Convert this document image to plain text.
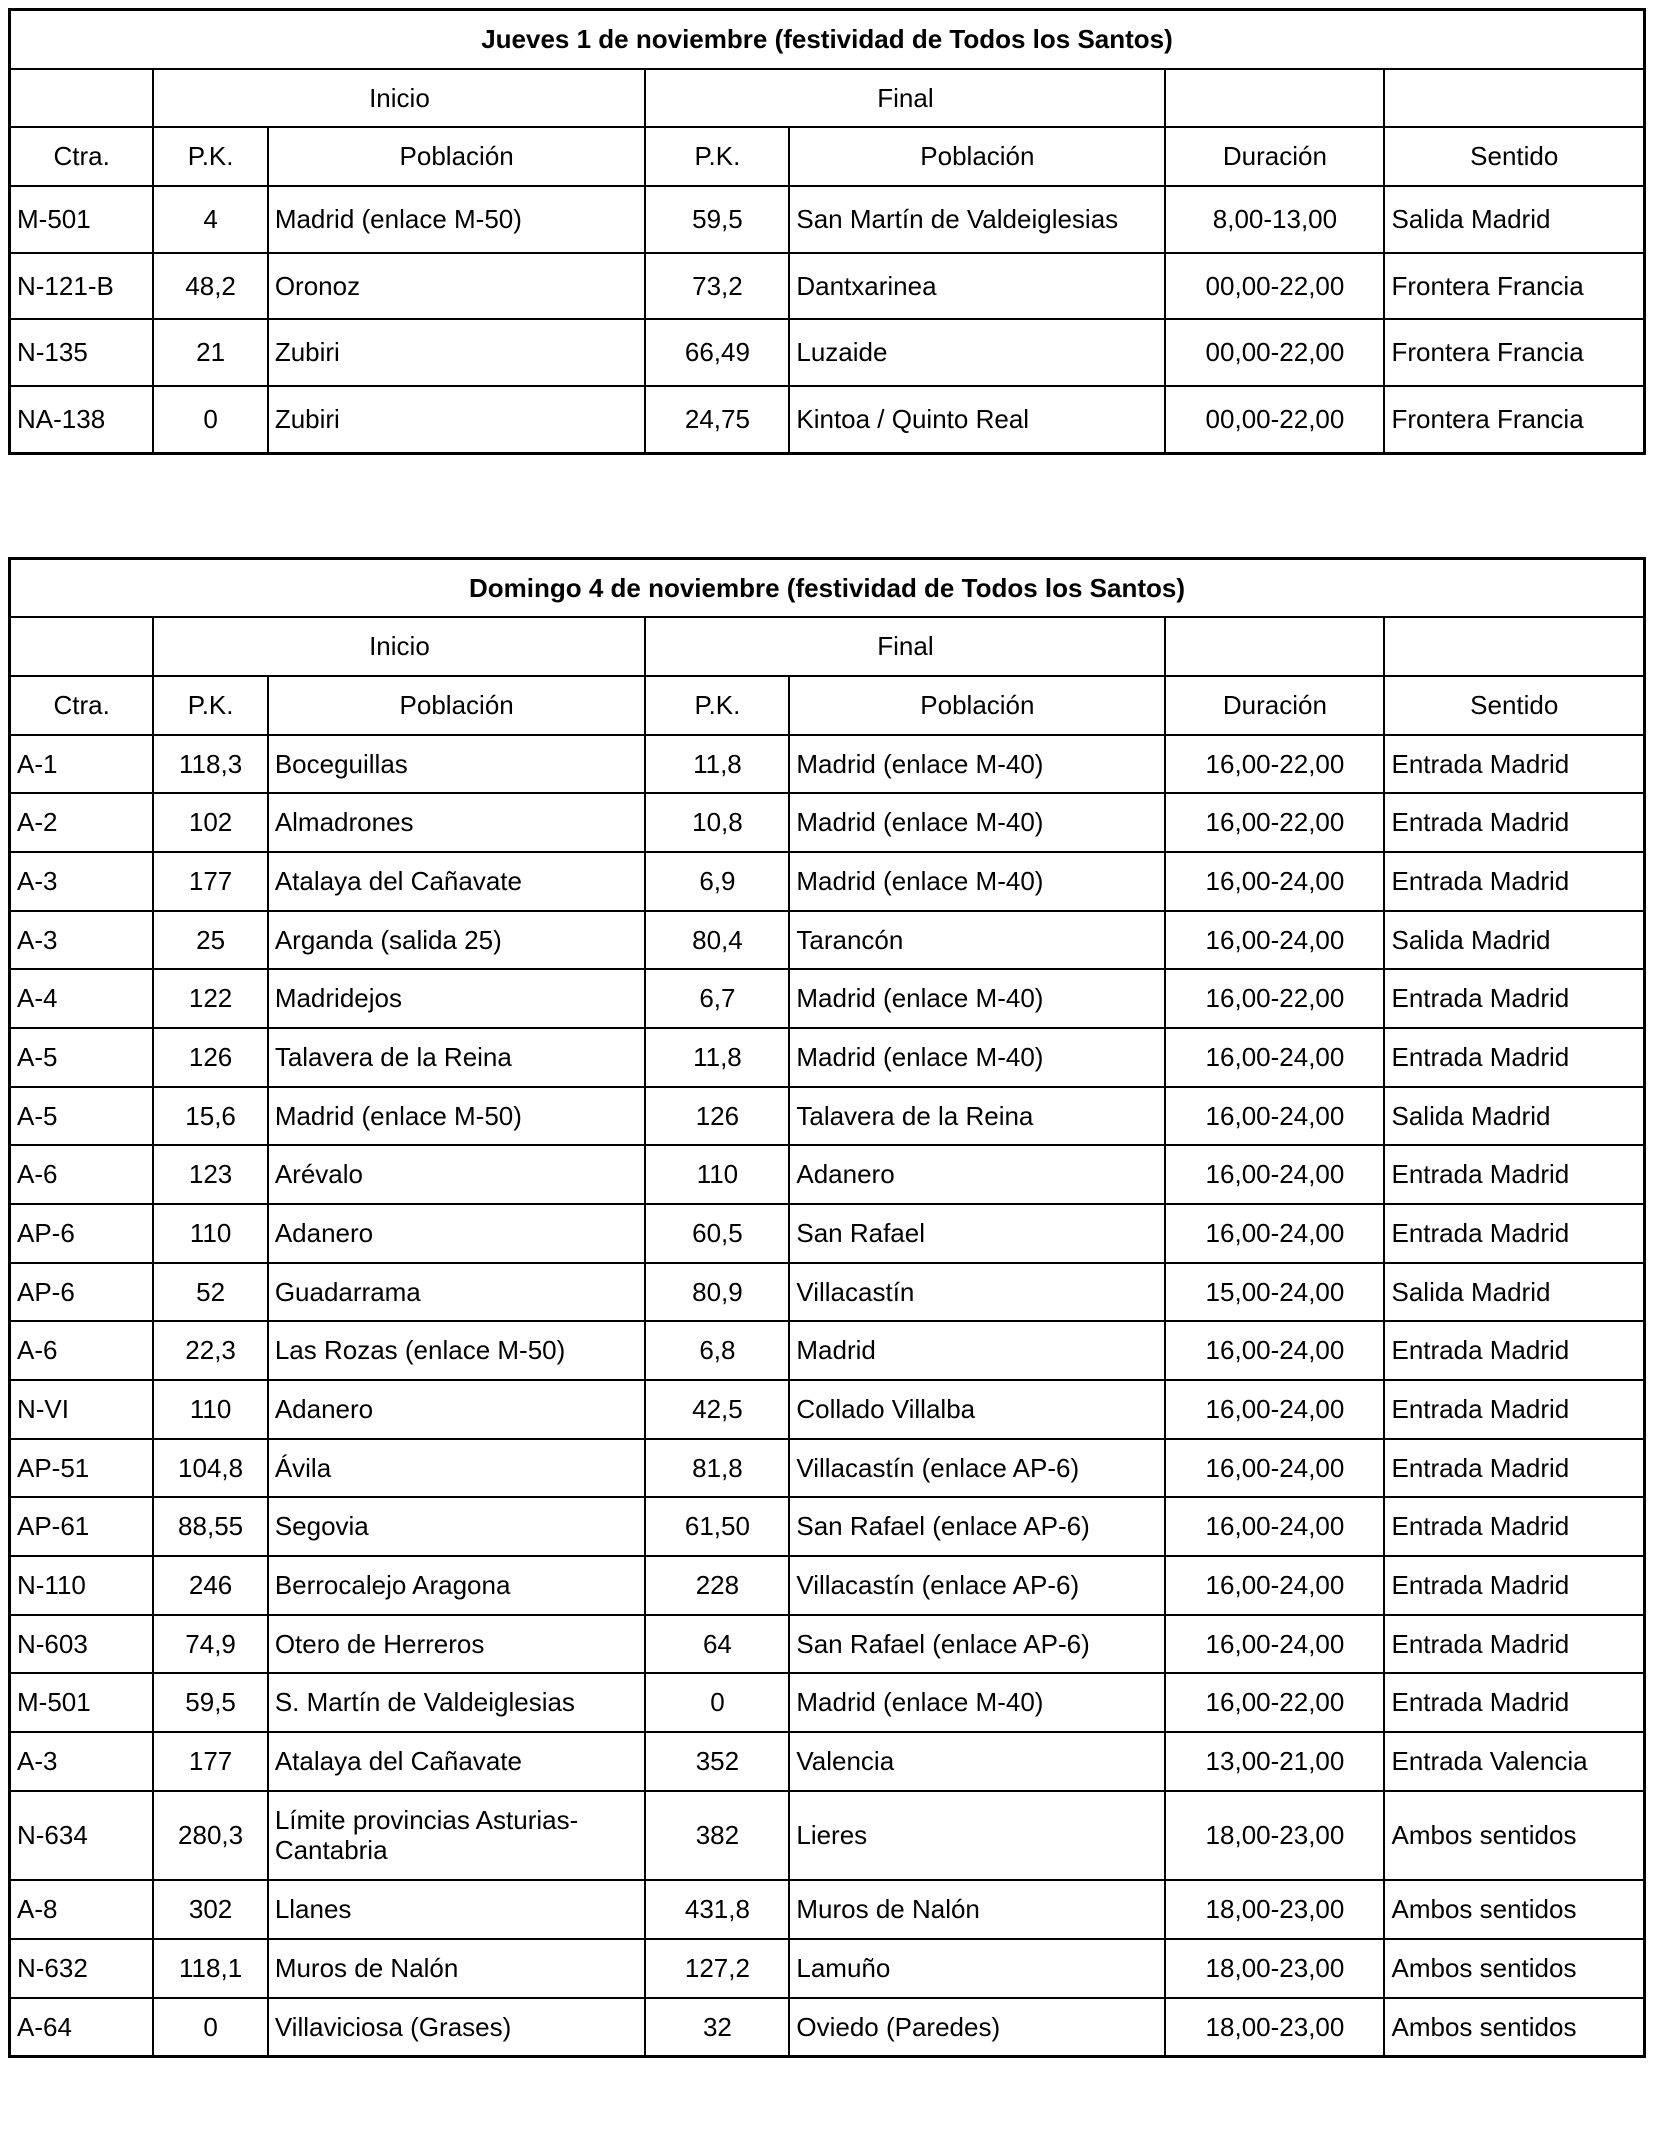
Jueves 1 de noviembre (festividad de Todos los Santos)						
	Inicio		Final			
Ctra.	P.K.	Población	P.K.	Población	Duración	Sentido
M-501	4	Madrid (enlace M-50)	59,5	San Martín de Valdeiglesias	8,00-13,00	Salida Madrid
N-121-B	48,2	Oronoz	73,2	Dantxarinea	00,00-22,00	Frontera Francia
N-135	21	Zubiri	66,49	Luzaide	00,00-22,00	Frontera Francia
NA-138	0	Zubiri	24,75	Kintoa / Quinto Real	00,00-22,00	Frontera Francia
Domingo 4 de noviembre (festividad de Todos los Santos)						
	Inicio		Final			
Ctra.	P.K.	Población	P.K.	Población	Duración	Sentido
A-1	118,3	Boceguillas	11,8	Madrid (enlace M-40)	16,00-22,00	Entrada Madrid
A-2	102	Almadrones	10,8	Madrid (enlace M-40)	16,00-22,00	Entrada Madrid
A-3	177	Atalaya del Cañavate	6,9	Madrid (enlace M-40)	16,00-24,00	Entrada Madrid
A-3	25	Arganda (salida 25)	80,4	Tarancón	16,00-24,00	Salida Madrid
A-4	122	Madridejos	6,7	Madrid (enlace M-40)	16,00-22,00	Entrada Madrid
A-5	126	Talavera de la Reina	11,8	Madrid (enlace M-40)	16,00-24,00	Entrada Madrid
A-5	15,6	Madrid (enlace M-50)	126	Talavera de la Reina	16,00-24,00	Salida Madrid
A-6	123	Arévalo	110	Adanero	16,00-24,00	Entrada Madrid
AP-6	110	Adanero	60,5	San Rafael	16,00-24,00	Entrada Madrid
AP-6	52	Guadarrama	80,9	Villacastín	15,00-24,00	Salida Madrid
A-6	22,3	Las Rozas (enlace M-50)	6,8	Madrid	16,00-24,00	Entrada Madrid
N-VI	110	Adanero	42,5	Collado Villalba	16,00-24,00	Entrada Madrid
AP-51	104,8	Ávila	81,8	Villacastín (enlace AP-6)	16,00-24,00	Entrada Madrid
AP-61	88,55	Segovia	61,50	San Rafael (enlace AP-6)	16,00-24,00	Entrada Madrid
N-110	246	Berrocalejo Aragona	228	Villacastín (enlace AP-6)	16,00-24,00	Entrada Madrid
N-603	74,9	Otero de Herreros	64	San Rafael (enlace AP-6)	16,00-24,00	Entrada Madrid
M-501	59,5	S. Martín de Valdeiglesias	0	Madrid (enlace M-40)	16,00-22,00	Entrada Madrid
A-3	177	Atalaya del Cañavate	352	Valencia	13,00-21,00	Entrada Valencia
N-634	280,3	Límite provincias Asturias-Cantabria	382	Lieres	18,00-23,00	Ambos sentidos
A-8	302	Llanes	431,8	Muros de Nalón	18,00-23,00	Ambos sentidos
N-632	118,1	Muros de Nalón	127,2	Lamuño	18,00-23,00	Ambos sentidos
A-64	0	Villaviciosa (Grases)	32	Oviedo (Paredes)	18,00-23,00	Ambos sentidos
